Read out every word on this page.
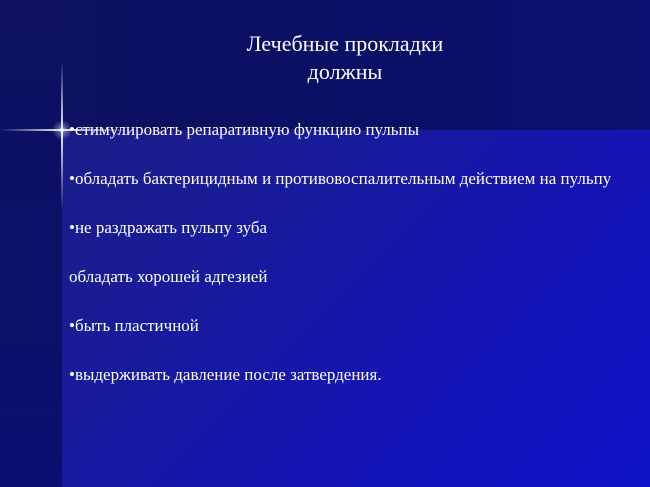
Лечебные прокладки
должны

•стимулировать репаративную функцию пульпы

•обладать бактерицидным и противовоспалительным действием на пульпу

•не раздражать пульпу зуба

обладать хорошей адгезией

•быть пластичной

•выдерживать давление после затвердения.
